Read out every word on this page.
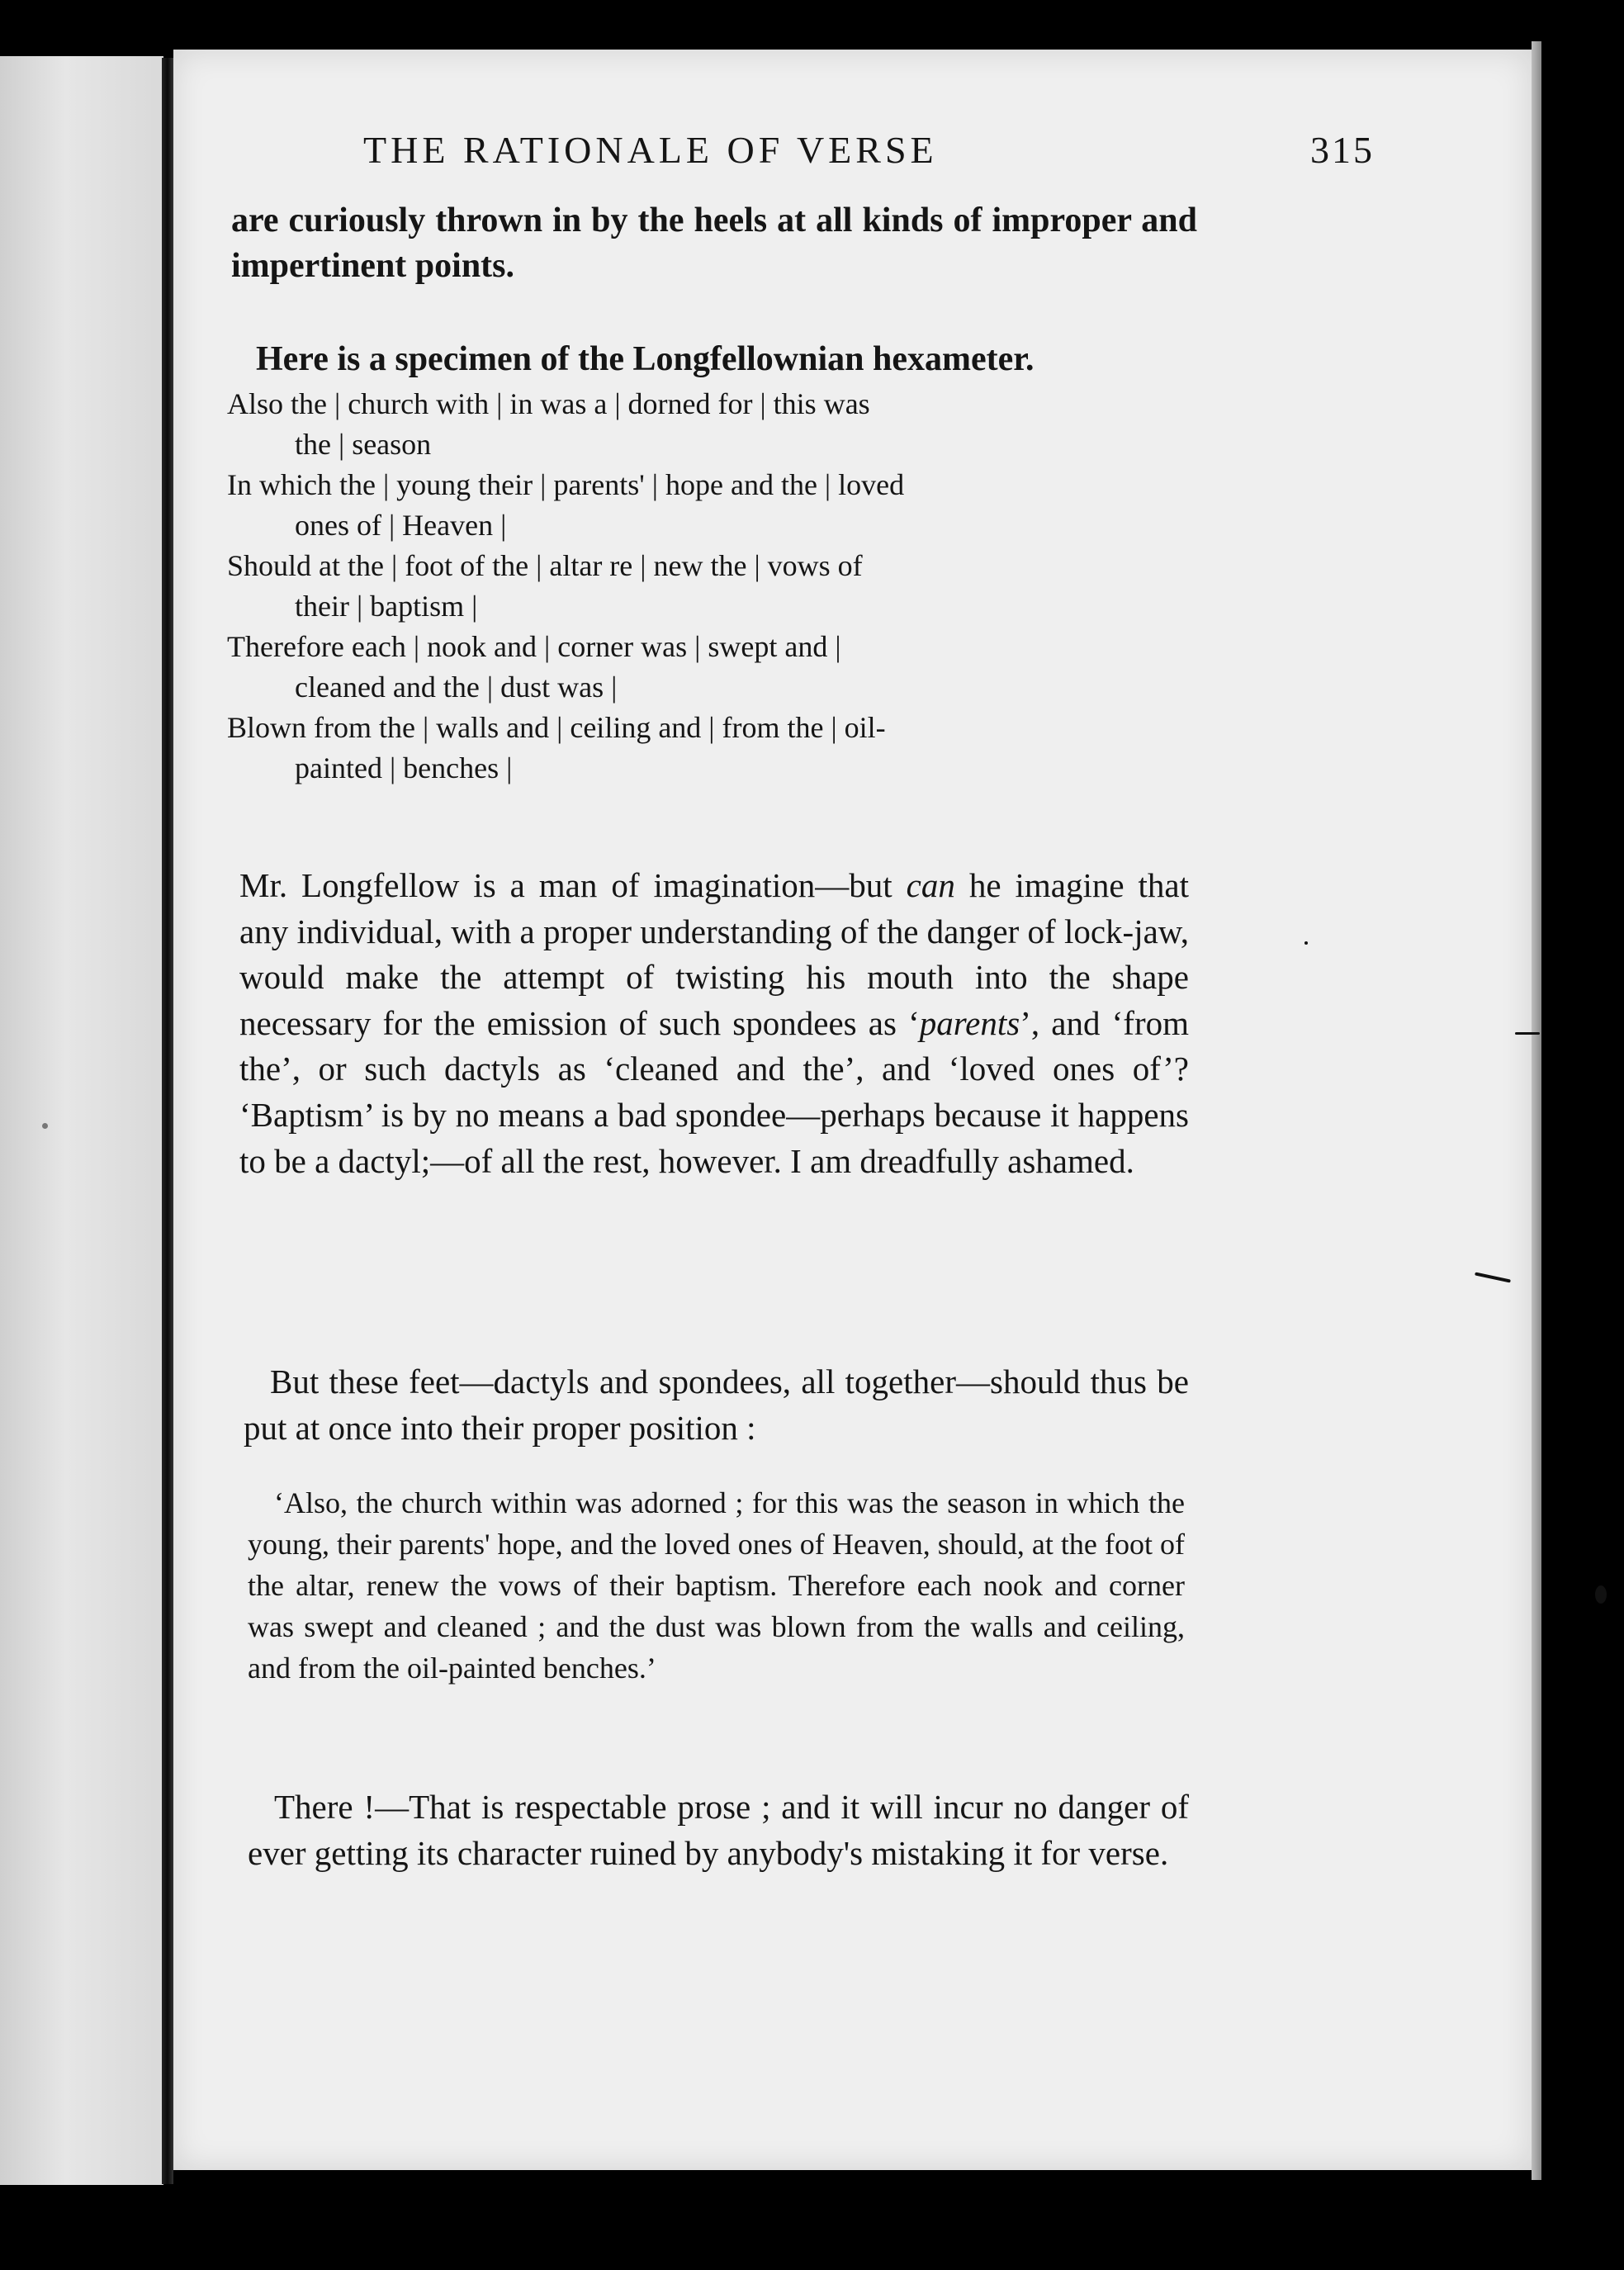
THE RATIONALE OF VERSE	315

are curiously thrown in by the heels at all kinds of improper and impertinent points.

Here is a specimen of the Longfellownian hexameter.

Also the | church with | in was a | dorned for | this was

the | season

In which the | young their | parents' | hope and the | loved

ones of | Heaven |

Should at the | foot of the | altar re | new the | vows of

their | baptism |

Therefore each | nook and | corner was | swept and |

cleaned and the | dust was |

Blown from the | walls and | ceiling and | from the | oil-

painted | benches |

Mr. Longfellow is a man of imagination—but can he imagine that any individual, with a proper understanding of the danger of lock-jaw, would make the attempt of twisting his mouth into the shape necessary for the emission of such spondees as ‘parents’, and ‘from the’, or such dactyls as ‘cleaned and the’, and ‘loved ones of’? ‘Baptism’ is by no means a bad spondee—perhaps because it happens to be a dactyl;—of all the rest, however. I am dreadfully ashamed.

But these feet—dactyls and spondees, all together—should thus be put at once into their proper position :

‘Also, the church within was adorned ; for this was the season in which the young, their parents' hope, and the loved ones of Heaven, should, at the foot of the altar, renew the vows of their baptism. Therefore each nook and corner was swept and cleaned ; and the dust was blown from the walls and ceiling, and from the oil-painted benches.’

There !—That is respectable prose ; and it will incur no danger of ever getting its character ruined by anybody's mistaking it for verse.
